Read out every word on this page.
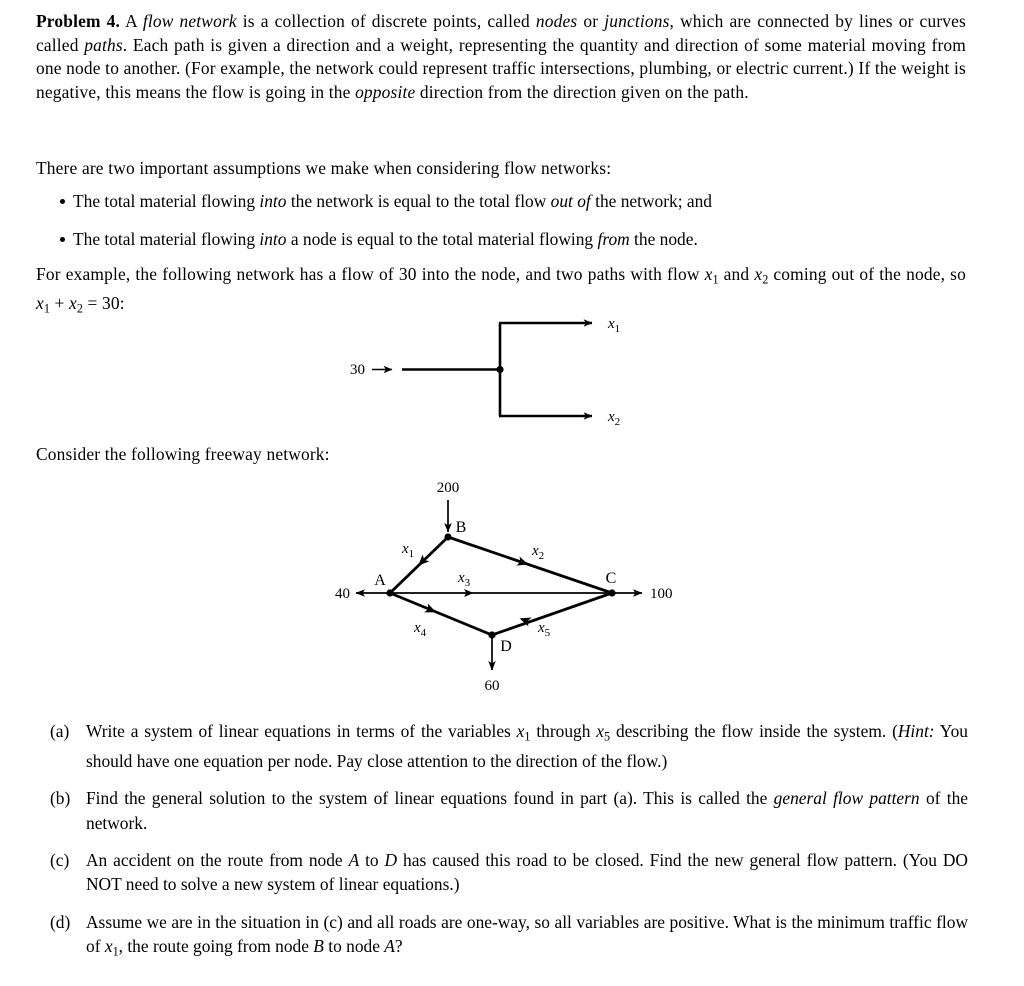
Problem 4. A flow network is a collection of discrete points, called nodes or junctions, which are connected by lines or curves called paths. Each path is given a direction and a weight, representing the quantity and direction of some material moving from one node to another. (For example, the network could represent traffic intersections, plumbing, or electric current.) If the weight is negative, this means the flow is going in the opposite direction from the direction given on the path.
There are two important assumptions we make when considering flow networks:
The total material flowing into the network is equal to the total flow out of the network; and
The total material flowing into a node is equal to the total material flowing from the node.
For example, the following network has a flow of 30 into the node, and two paths with flow $x_1$ and $x_2$ coming out of the node, so $x_1 + x_2 = 30$:
30
$x_1$
$x_2$
Consider the following freeway network:
200
40	100
60
$x_1$	$x_2$
$x_3$
$x_4$	$x_5$
A
B
C
D
(a) Write a system of linear equations in terms of the variables $x_1$ through $x_5$ describing the flow inside the system. (Hint: You should have one equation per node. Pay close attention to the direction of the flow.)
(b) Find the general solution to the system of linear equations found in part (a). This is called the general flow pattern of the network.
(c) An accident on the route from node A to D has caused this road to be closed. Find the new general flow pattern. (You DO NOT need to solve a new system of linear equations.)
(d) Assume we are in the situation in (c) and all roads are one-way, so all variables are positive. What is the minimum traffic flow of $x_1$, the route going from node B to node A?
